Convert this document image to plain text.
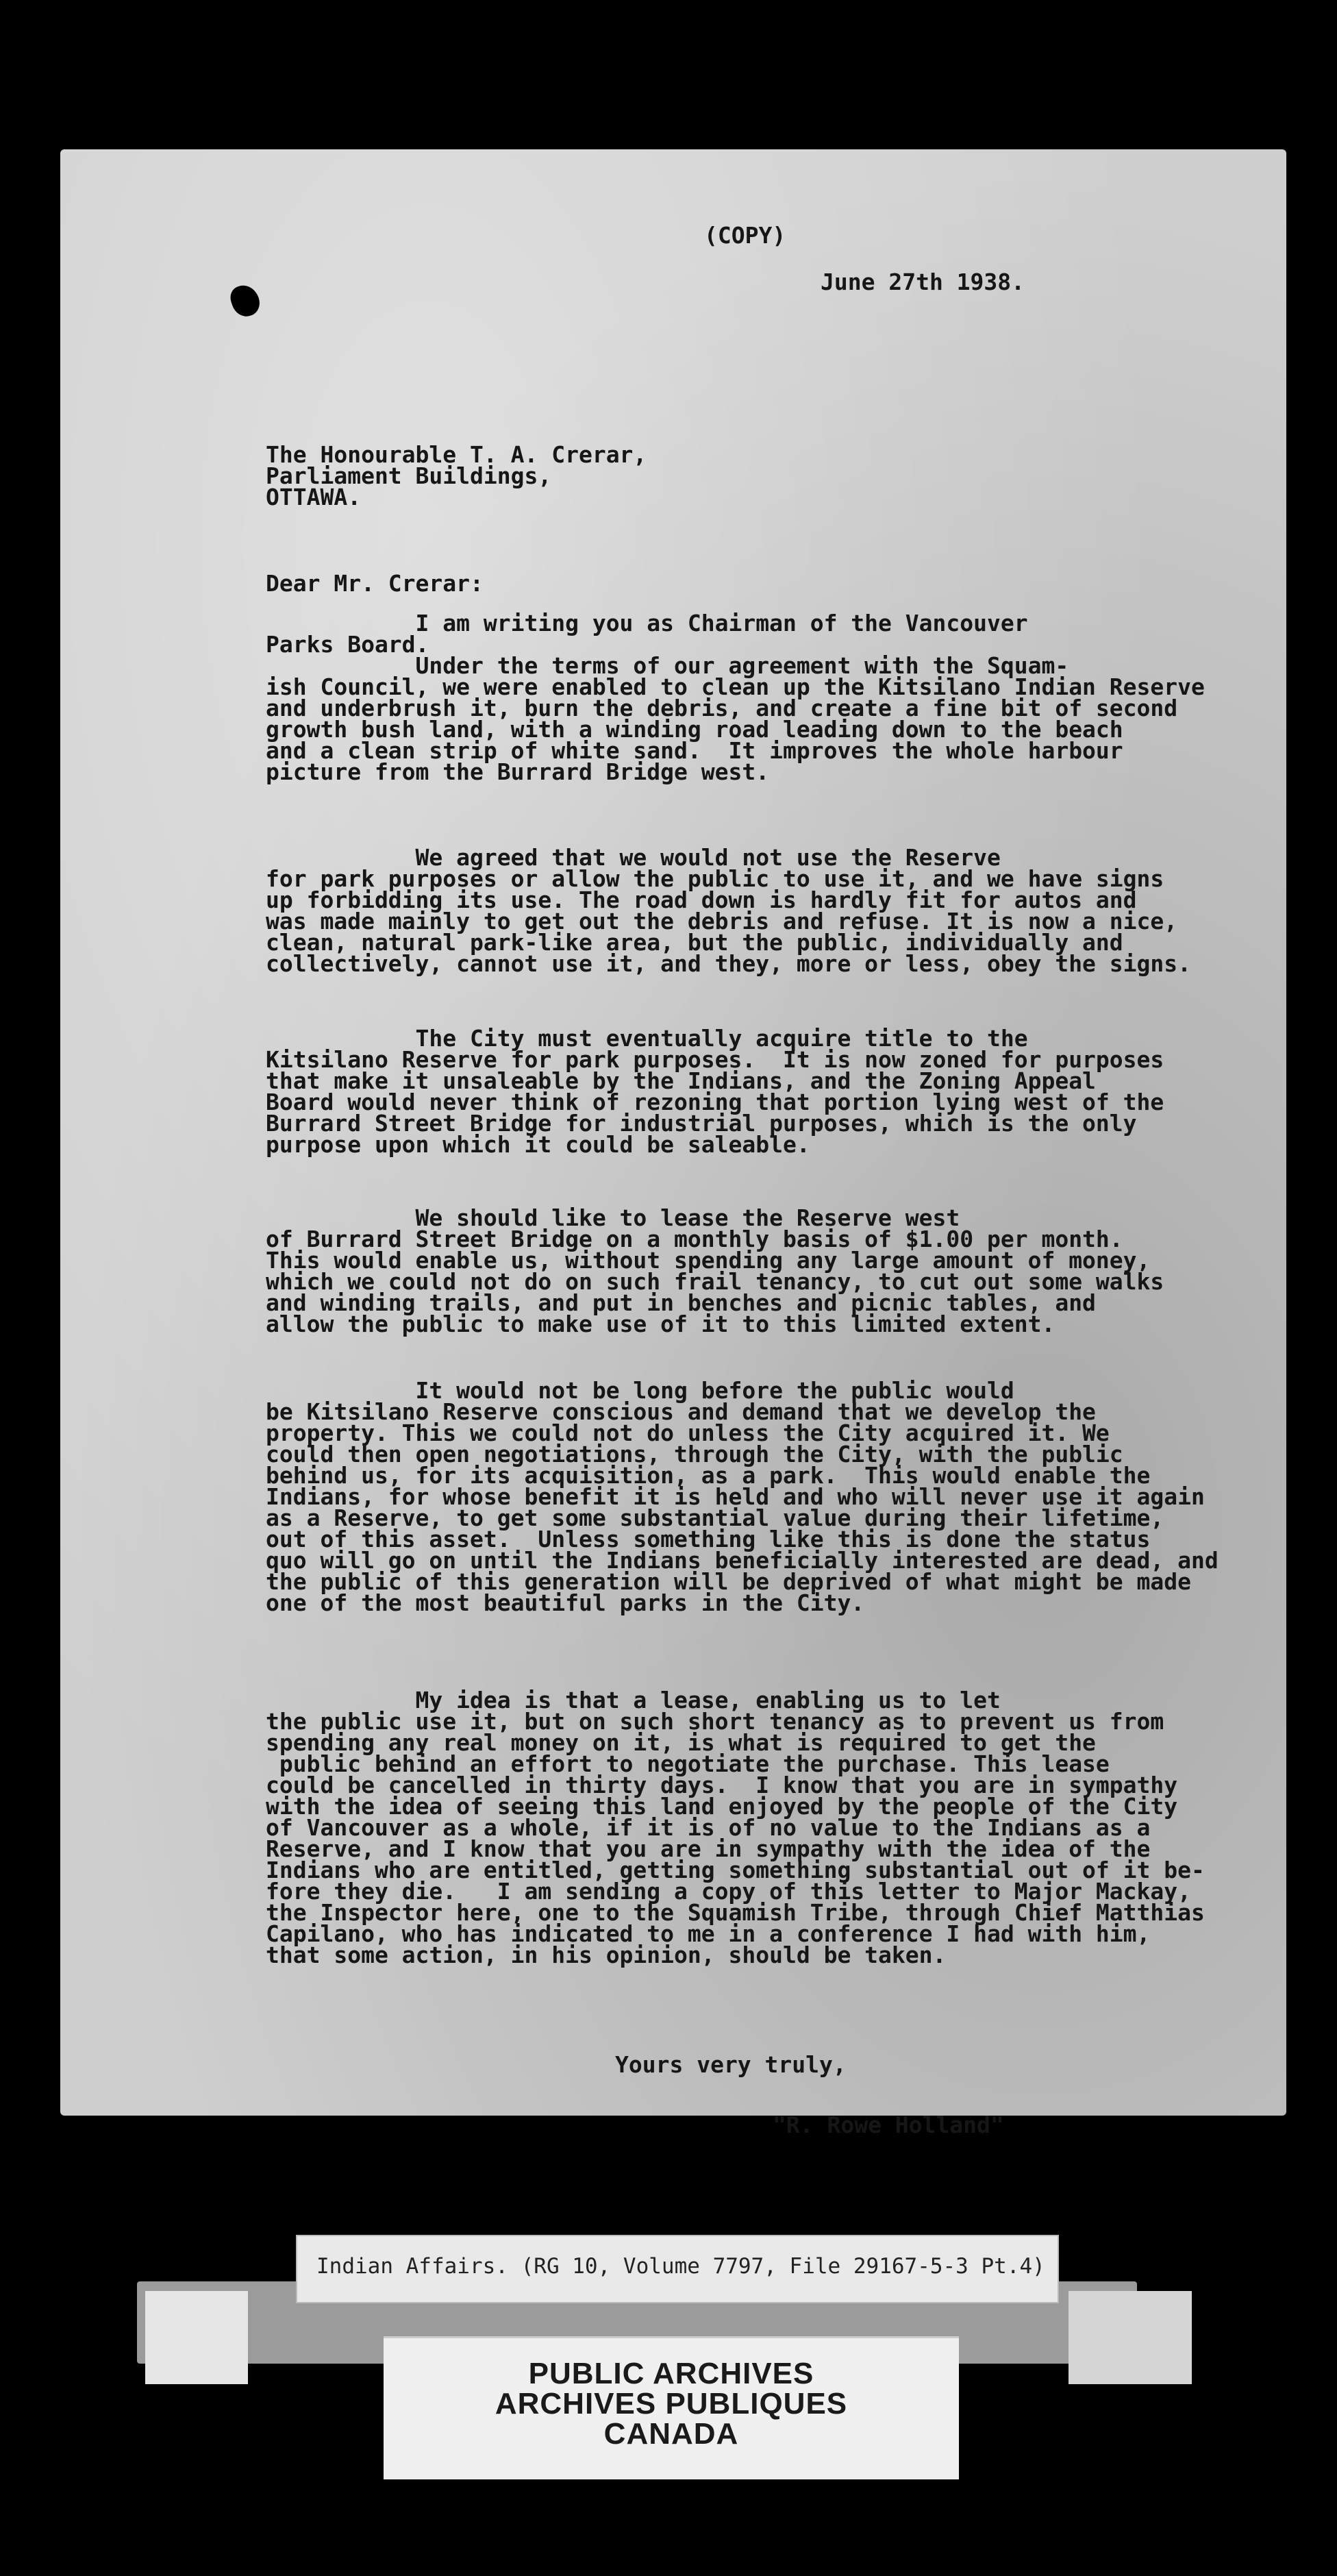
(COPY)
June 27th 1938.
The Honourable T. A. Crerar,
Parliament Buildings,
OTTAWA.
Dear Mr. Crerar:
I am writing you as Chairman of the Vancouver
Parks Board.
Under the terms of our agreement with the Squam-
ish Council, we were enabled to clean up the Kitsilano Indian Reserve
and underbrush it, burn the debris, and create a fine bit of second
growth bush land, with a winding road leading down to the beach
and a clean strip of white sand.  It improves the whole harbour
picture from the Burrard Bridge west.
We agreed that we would not use the Reserve
for park purposes or allow the public to use it, and we have signs
up forbidding its use. The road down is hardly fit for autos and
was made mainly to get out the debris and refuse. It is now a nice,
clean, natural park-like area, but the public, individually and
collectively, cannot use it, and they, more or less, obey the signs.
The City must eventually acquire title to the
Kitsilano Reserve for park purposes.  It is now zoned for purposes
that make it unsaleable by the Indians, and the Zoning Appeal
Board would never think of rezoning that portion lying west of the
Burrard Street Bridge for industrial purposes, which is the only
purpose upon which it could be saleable.
We should like to lease the Reserve west
of Burrard Street Bridge on a monthly basis of $1.00 per month.
This would enable us, without spending any large amount of money,
which we could not do on such frail tenancy, to cut out some walks
and winding trails, and put in benches and picnic tables, and
allow the public to make use of it to this limited extent.
It would not be long before the public would
be Kitsilano Reserve conscious and demand that we develop the
property. This we could not do unless the City acquired it. We
could then open negotiations, through the City, with the public
behind us, for its acquisition, as a park.  This would enable the
Indians, for whose benefit it is held and who will never use it again
as a Reserve, to get some substantial value during their lifetime,
out of this asset.  Unless something like this is done the status
quo will go on until the Indians beneficially interested are dead, and
the public of this generation will be deprived of what might be made
one of the most beautiful parks in the City.
My idea is that a lease, enabling us to let
the public use it, but on such short tenancy as to prevent us from
spending any real money on it, is what is required to get the
public behind an effort to negotiate the purchase. This lease
could be cancelled in thirty days.  I know that you are in sympathy
with the idea of seeing this land enjoyed by the people of the City
of Vancouver as a whole, if it is of no value to the Indians as a
Reserve, and I know that you are in sympathy with the idea of the
Indians who are entitled, getting something substantial out of it be-
fore they die.   I am sending a copy of this letter to Major Mackay,
the Inspector here, one to the Squamish Tribe, through Chief Matthias
Capilano, who has indicated to me in a conference I had with him,
that some action, in his opinion, should be taken.
Yours very truly,
"R. Rowe Holland"
Indian Affairs. (RG 10, Volume 7797, File 29167-5-3 Pt.4)
PUBLIC ARCHIVES
ARCHIVES PUBLIQUES
CANADA
